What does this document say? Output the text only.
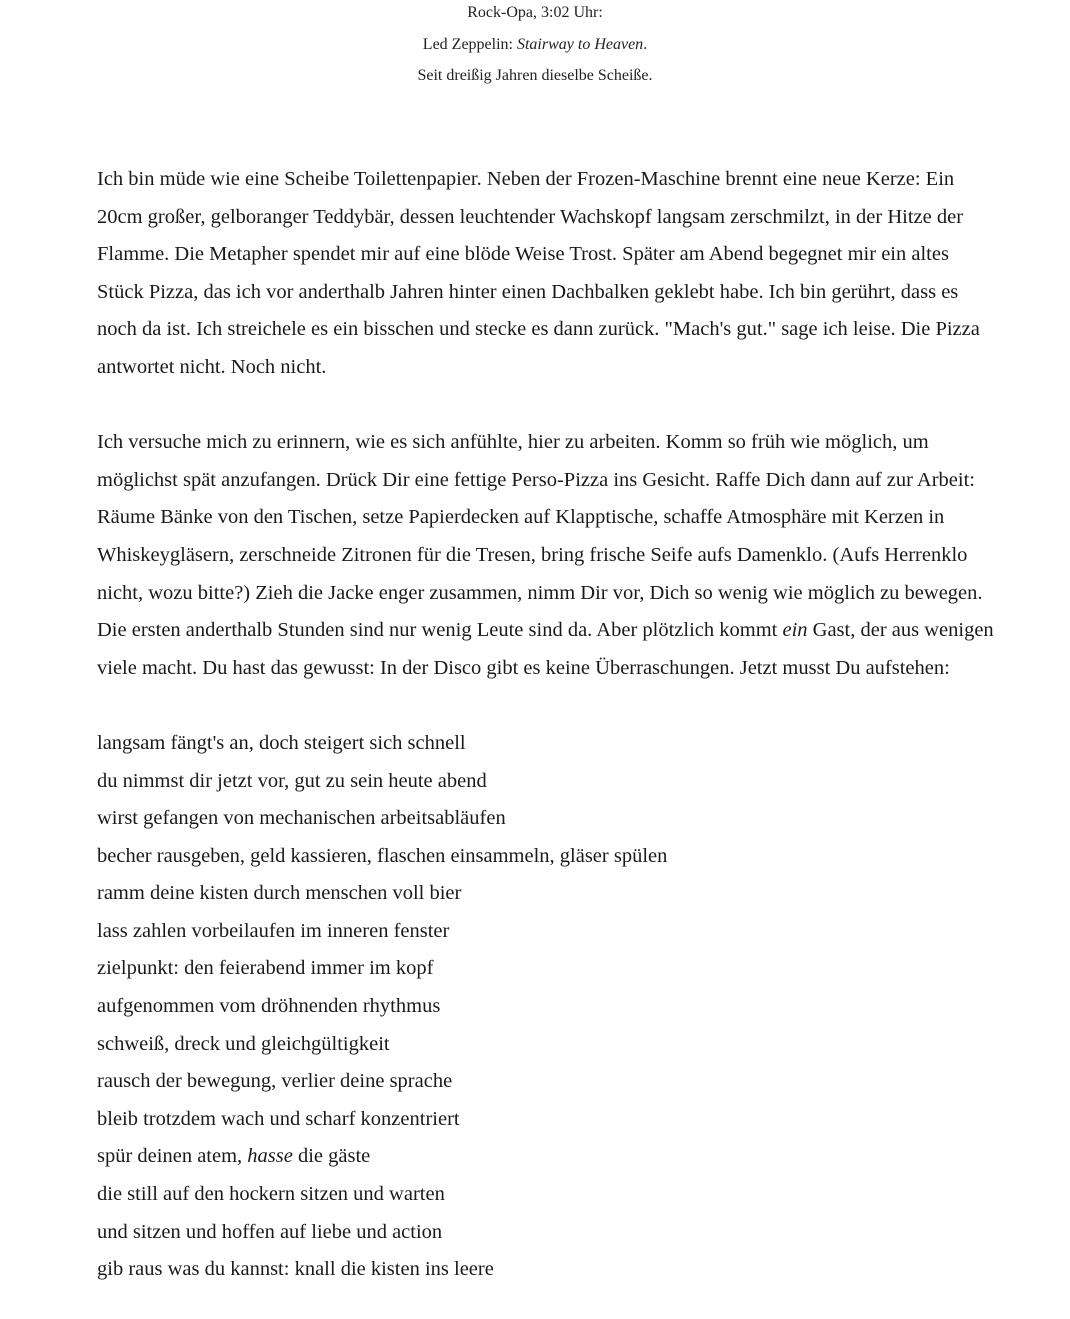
Rock-Opa, 3:02 Uhr:
Led Zeppelin: Stairway to Heaven.
Seit dreißig Jahren dieselbe Scheiße.

Ich bin müde wie eine Scheibe Toilettenpapier. Neben der Frozen-Maschine brennt eine neue Kerze: Ein 20cm großer, gelboranger Teddybär, dessen leuchtender Wachskopf langsam zerschmilzt, in der Hitze der Flamme. Die Metapher spendet mir auf eine blöde Weise Trost. Später am Abend begegnet mir ein altes Stück Pizza, das ich vor anderthalb Jahren hinter einen Dachbalken geklebt habe. Ich bin gerührt, dass es noch da ist. Ich streichele es ein bisschen und stecke es dann zurück. "Mach's gut." sage ich leise. Die Pizza antwortet nicht. Noch nicht.

Ich versuche mich zu erinnern, wie es sich anfühlte, hier zu arbeiten. Komm so früh wie möglich, um möglichst spät anzufangen. Drück Dir eine fettige Perso-Pizza ins Gesicht. Raffe Dich dann auf zur Arbeit: Räume Bänke von den Tischen, setze Papierdecken auf Klapptische, schaffe Atmosphäre mit Kerzen in Whiskeygläsern, zerschneide Zitronen für die Tresen, bring frische Seife aufs Damenklo. (Aufs Herrenklo nicht, wozu bitte?) Zieh die Jacke enger zusammen, nimm Dir vor, Dich so wenig wie möglich zu bewegen. Die ersten anderthalb Stunden sind nur wenig Leute sind da. Aber plötzlich kommt ein Gast, der aus wenigen viele macht. Du hast das gewusst: In der Disco gibt es keine Überraschungen. Jetzt musst Du aufstehen:

langsam fängt's an, doch steigert sich schnell
du nimmst dir jetzt vor, gut zu sein heute abend
wirst gefangen von mechanischen arbeitsabläufen
becher rausgeben, geld kassieren, flaschen einsammeln, gläser spülen
ramm deine kisten durch menschen voll bier
lass zahlen vorbeilaufen im inneren fenster
zielpunkt: den feierabend immer im kopf
aufgenommen vom dröhnenden rhythmus
schweiß, dreck und gleichgültigkeit
rausch der bewegung, verlier deine sprache
bleib trotzdem wach und scharf konzentriert
spür deinen atem, hasse die gäste
die still auf den hockern sitzen und warten
und sitzen und hoffen auf liebe und action
gib raus was du kannst: knall die kisten ins leere
